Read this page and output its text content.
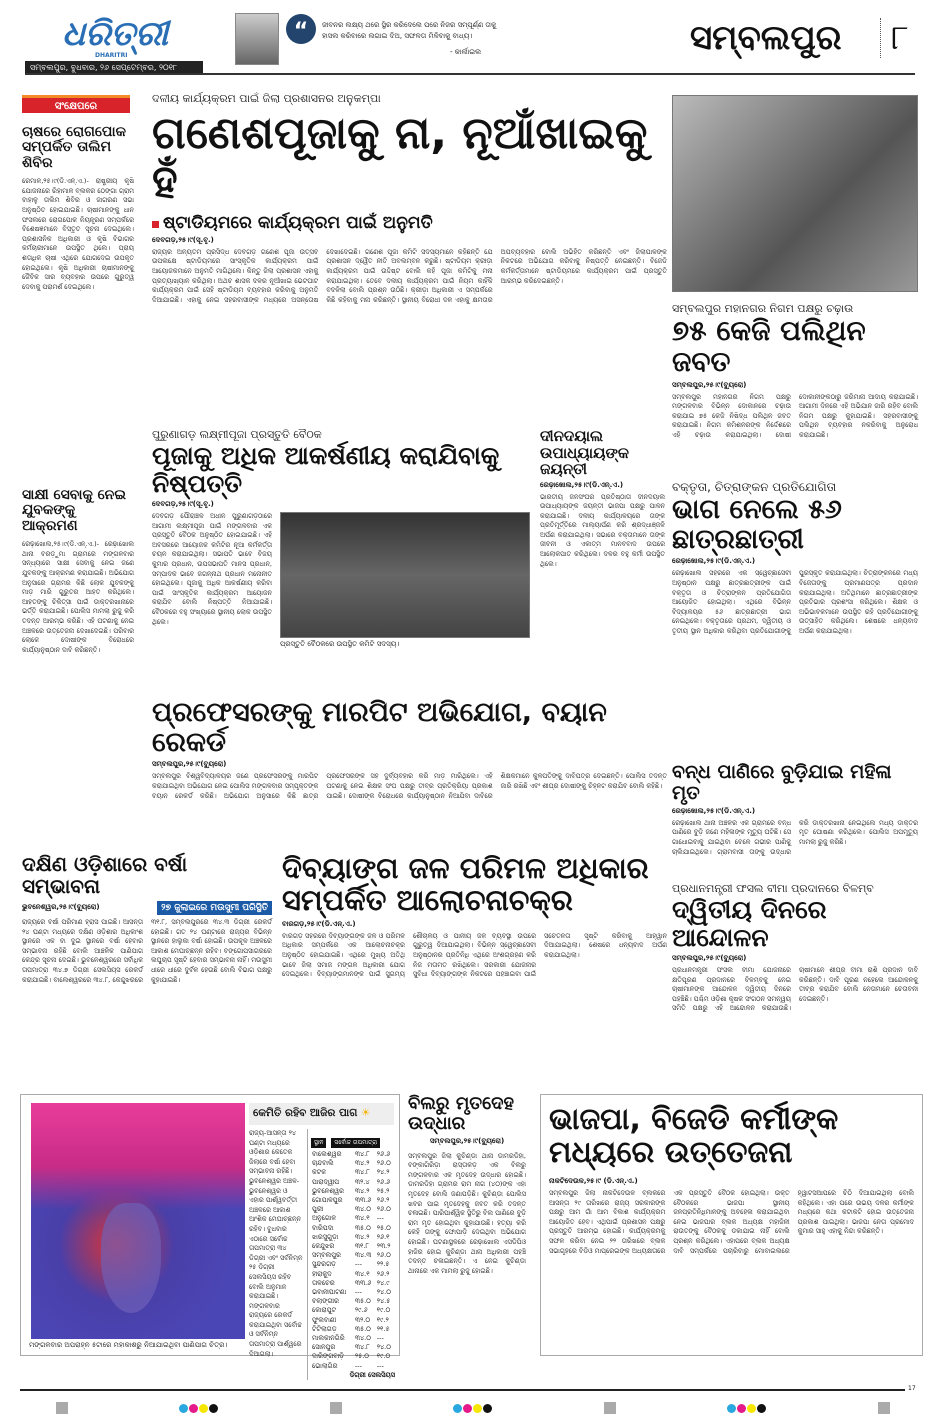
ଧରିତ୍ରୀ
DHARITRI
ସମ୍ବଲପୁର, ବୁଧବାର, ୨୬ ସେପ୍ଟେମ୍ବର, ୨୦୧୮
“	ଜୀବନର ଲକ୍ଷ୍ୟ ଥରେ ସ୍ଥିର କରିଦେଲେ ପରେ ନିଜର ସମ୍ପୂର୍ଣ୍ଣ ତାକୁ ହାସଲ କରିବାରେ ଲଗାଇ ଦିଅ, ସଫଳତା ମିଳିବାକୁ ବାଧ୍ୟ।
- କାର୍ଲାଇଲ	ସମ୍ବଲପୁର	୮
ସଂକ୍ଷେପରେ
ଚାଷରେ ରୋଗପୋକ ସମ୍ପର୍କିତ ତାଲିମ ଶିବିର
ରେମାଳ,୨୫।୯(ଡି.ଏନ୍.ଏ.)- ରାଷ୍ଟ୍ରୀୟ କୃଷି ଯୋଜନାରେ ରିହାମାଳ ବ୍ଲକର ଠେଙ୍ଗା ଗ୍ରାମ ବାହାଳୁ ତାଲିମ ଶିବିର ଓ ଜାଗରଣ ସଭା ଅନୁଷ୍ଠିତ ହୋଇଯାଇଛି। ଚାଷୀମାନଙ୍କୁ ଧାନ ଫସଲରେ ରୋଗପୋକ ନିୟନ୍ତ୍ରଣ ସମ୍ପର୍କରେ ବିଶେଷଜ୍ଞମାନେ ବିସ୍ତୃତ ସୂଚନା ଦେଇଥିଲେ। ପ୍ରଶାସନିକ ଅଧିକାରୀ ଓ କୃଷି ବିଭାଗର କର୍ମଚାରୀମାନେ ଉପସ୍ଥିତ ଥିଲେ। ପ୍ରାୟ ଶତାଧିକ ଚାଷୀ ଏଥିରେ ଯୋଗଦେଇ ଉପକୃତ ହୋଇଥିଲେ। କୃଷି ଅଧିକାରୀ ଚାଷୀମାନଙ୍କୁ ଜୈବିକ ସାର ବ୍ୟବହାର ଉପରେ ଗୁରୁତ୍ୱ ଦେବାକୁ ପରାମର୍ଶ ଦେଇଥିଲେ।
ସାକ୍ଷୀ ସେବାକୁ ନେଇ ଯୁବକଙ୍କୁ ଆକ୍ରମଣ
ରେଢ଼ାଖୋଲ,୨୫।୯(ଡି.ଏନ୍.ଏ.)- ରେଢ଼ାଖୋଲ ଥାନା ବରଡ଼ୁମା ଗ୍ରାମରେ ମଙ୍ଗଳବାର ସନ୍ଧ୍ୟାରେ ସାକ୍ଷୀ ସେବାକୁ ନେଇ ଜଣେ ଯୁବକଙ୍କୁ ଆକ୍ରମଣ କରାଯାଇଛି। ଅଭିଯୋଗ ଅନୁସାରେ ଗ୍ରାମର କିଛି ଲୋକ ଯୁବକଙ୍କୁ ମାଡ଼ ମାରି ଗୁରୁତର ଆହତ କରିଥିଲେ। ଆହତଙ୍କୁ ଚିକିତ୍ସା ପାଇଁ ଡାକ୍ତରଖାନାରେ ଭର୍ତ୍ତି କରାଯାଇଛି। ପୋଲିସ ମାମଲା ରୁଜୁ କରି ତଦନ୍ତ ଆରମ୍ଭ କରିଛି। ଏହି ଘଟଣାକୁ ନେଇ ଅଞ୍ଚଳରେ ଉତ୍ତେଜନା ଦେଖାଦେଇଛି। ପରିବାର ଲୋକେ ଦୋଷୀଙ୍କ ବିରୋଧରେ କାର୍ଯ୍ୟାନୁଷ୍ଠାନ ଦାବି କରିଛନ୍ତି।
ଦଳୀୟ କାର୍ଯ୍ୟକ୍ରମ ପାଇଁ ଜିଲା ପ୍ରଶାସନର ଅନୁକମ୍ପା
ଗଣେଶପୂଜାକୁ ନା, ନୂଆଁଖାଇକୁ ହଁ
ଷ୍ଟାଡିୟମରେ କାର୍ଯ୍ୟକ୍ରମ ପାଇଁ ଅନୁମତି
ଦେବଗଡ଼,୨୫।୯(ସୂ.ବୃ.)
ରାଜ୍ୟର ଅନ୍ୟତମ ପ୍ରସିଦ୍ଧ ଦେବଗଡ଼ ଗଣେଶ ପୂଜା ଉତ୍ସବ ଉପଲକ୍ଷେ ଷ୍ଟାଡିୟମରେ ସାଂସ୍କୃତିକ କାର୍ଯ୍ୟକ୍ରମ ପାଇଁ ଆୟୋଜକମାନେ ଅନୁମତି ମାଗିଥିଲେ। କିନ୍ତୁ ଜିଲା ପ୍ରଶାସନ ଏହାକୁ ପ୍ରତ୍ୟାଖ୍ୟାନ କରିଥିଲା। ଅଥଚ ଶାସକ ଦଳର ନୂଆଁଖାଇ ଭେଟଘାଟ କାର୍ଯ୍ୟକ୍ରମ ପାଇଁ ସେହି ଷ୍ଟାଡିୟମ ବ୍ୟବହାର କରିବାକୁ ଅନୁମତି ଦିଆଯାଇଛି। ଏହାକୁ ନେଇ ସହରବାସୀଙ୍କ ମଧ୍ୟରେ ଅସନ୍ତୋଷ ଦେଖାଦେଇଛି। ଗଣେଶ ପୂଜା କମିଟି ସଦସ୍ୟମାନେ କହିଛନ୍ତି ଯେ ପ୍ରଶାସନ ଦ୍ୱୈତ ନୀତି ଅବଲମ୍ବନ କରୁଛି। ଷ୍ଟାଡିୟମ କ୍ରୀଡ଼ା କାର୍ଯ୍ୟକ୍ରମ ପାଇଁ ଉଦ୍ଦିଷ୍ଟ ବୋଲି କହି ପୂଜା କମିଟିକୁ ମନା କରାଯାଇଥିଲା। ତେବେ ଦଳୀୟ କାର୍ଯ୍ୟକ୍ରମ ପାଇଁ ନିୟମ କାହିଁକି ବଦଳିଲା ବୋଲି ପ୍ରଶ୍ନ ଉଠିଛି। କ୍ରୀଡ଼ା ଅଧିକାରୀ ଏ ସମ୍ପର୍କରେ କିଛି କହିବାକୁ ମନା କରିଛନ୍ତି। ସ୍ଥାନୀୟ ବିରୋଧୀ ଦଳ ଏହାକୁ କ୍ଷମତାର ଅପବ୍ୟବହାର ବୋଲି ଅଭିହିତ କରିଛନ୍ତି ଏବଂ ଜିଲାପାଳଙ୍କ ନିକଟରେ ଅଭିଯୋଗ କରିବାକୁ ନିଷ୍ପତ୍ତି ନେଇଛନ୍ତି। ବିଜେଡି କର୍ମକର୍ତ୍ତାମାନେ ଷ୍ଟାଡିୟମରେ କାର୍ଯ୍ୟକ୍ରମ ପାଇଁ ପ୍ରସ୍ତୁତି ଆରମ୍ଭ କରିଦେଇଛନ୍ତି।
ସମ୍ବଲପୁର ମହାନଗର ନିଗମ ପକ୍ଷରୁ ଚଢ଼ାଉ
୭୫ କେଜି ପଲିଥିନ ଜବତ
ସମ୍ବଲପୁର,୨୫।୯(ବ୍ୟୁରୋ)
ସମ୍ବଲପୁର ମହାନଗର ନିଗମ ପକ୍ଷରୁ ମଙ୍ଗଳବାର ବିଭିନ୍ନ ଦୋକାନରେ ଚଢ଼ାଉ କରାଯାଇ ୭୫ କେଜି ନିଷିଦ୍ଧ ପଲିଥିନ ଜବତ କରାଯାଇଛି। ନିଗମ କମିଶନରଙ୍କ ନିର୍ଦ୍ଦେଶରେ ଏହି ଚଢ଼ାଉ କରାଯାଇଥିଲା। ଦୋଷୀ ଦୋକାନୀଙ୍କଠାରୁ ଜରିମାନା ଆଦାୟ କରାଯାଇଛି। ଆଗାମୀ ଦିନରେ ଏହି ଅଭିଯାନ ଜାରି ରହିବ ବୋଲି ନିଗମ ପକ୍ଷରୁ କୁହାଯାଇଛି। ସହରବାସୀଙ୍କୁ ପଲିଥିନ ବ୍ୟବହାର ନକରିବାକୁ ଅନୁରୋଧ କରାଯାଇଛି।
ପୁରୁଣାଗଡ଼ ଲକ୍ଷ୍ମୀପୂଜା ପ୍ରସ୍ତୁତି ବୈଠକ
ପୂଜାକୁ ଅଧିକ ଆକର୍ଷଣୀୟ କରାଯିବାକୁ ନିଷ୍ପତ୍ତି
ଦେବଗଡ଼,୨୫।୯(ସୂ.ବୃ.)
ଦେବଗଡ଼ ପୌରାଞ୍ଚଳ ଅଧୀନ ପୁରୁଣାଗଡ଼ଠାରେ ଆଗାମୀ ଲକ୍ଷ୍ମୀପୂଜା ପାଇଁ ମଙ୍ଗଳବାର ଏକ ପ୍ରସ୍ତୁତି ବୈଠକ ଅନୁଷ୍ଠିତ ହୋଇଯାଇଛି। ଏହି ଅବସରରେ ଆୟୋଜକ କମିଟିର ନୂଆ କର୍ମକର୍ତ୍ତା ଚୟନ କରାଯାଇଥିଲା। ସଭାପତି ଭାବେ ବିଜୟ କୁମାର ପ୍ରଧାନ, ଉପସଭାପତି ମାନସ ପ୍ରଧାନ, ସମ୍ପାଦକ ଭାବେ ଜଗନ୍ନାଥ ପ୍ରଧାନ ମନୋନୀତ ହୋଇଥିଲେ। ପୂଜାକୁ ଅଧିକ ଆକର୍ଷଣୀୟ କରିବା ପାଇଁ ସାଂସ୍କୃତିକ କାର୍ଯ୍ୟକ୍ରମ ଆୟୋଜନ କରାଯିବ ବୋଲି ନିଷ୍ପତ୍ତି ନିଆଯାଇଛି। ବୈଠକରେ ବହୁ ସଂଖ୍ୟାରେ ସ୍ଥାନୀୟ ଲୋକ ଉପସ୍ଥିତ ଥିଲେ।
ପ୍ରସ୍ତୁତି ବୈଠକରେ ଉପସ୍ଥିତ କମିଟି ସଦସ୍ୟ।
ଦୀନଦୟାଲ ଉପାଧ୍ୟାୟଙ୍କ ଜୟନ୍ତୀ
ରେଢ଼ାଖୋଲ,୨୫।୯(ଡି.ଏନ୍.ଏ.)
ଭାରତୀୟ ଜନସଂଘର ପ୍ରତିଷ୍ଠାତା ଦୀନଦୟାଲ ଉପାଧ୍ୟାୟଙ୍କ ଜୟନ୍ତୀ ଭାଜପା ପକ୍ଷରୁ ପାଳନ କରାଯାଇଛି। ଦଳୀୟ କାର୍ଯ୍ୟାଳୟରେ ତାଙ୍କ ପ୍ରତିମୂର୍ତ୍ତିରେ ମାଲ୍ୟାର୍ପଣ କରି ଶ୍ରଦ୍ଧାଞ୍ଜଳି ଅର୍ପଣ କରାଯାଇଥିଲା। ସଭାରେ ବକ୍ତାମାନେ ତାଙ୍କ ଜୀବନୀ ଓ ଏକାତ୍ମ ମାନବବାଦ ଉପରେ ଆଲୋକପାତ କରିଥିଲେ। ଦଳର ବହୁ କର୍ମୀ ଉପସ୍ଥିତ ଥିଲେ।
ବକ୍ତୃତା, ଚିତ୍ରାଙ୍କନ ପ୍ରତିଯୋଗିତା
ଭାଗ ନେଲେ ୫୬ ଛାତ୍ରଛାତ୍ରୀ
ରେଢ଼ାଖୋଲ,୨୫।୯(ଡି.ଏନ୍.ଏ.)
ରେଢ଼ାଖୋଲ ସହରରେ ଏକ ସ୍ୱେଚ୍ଛାସେବୀ ଅନୁଷ୍ଠାନ ପକ୍ଷରୁ ଛାତ୍ରଛାତ୍ରୀଙ୍କ ପାଇଁ ବକ୍ତୃତା ଓ ଚିତ୍ରାଙ୍କନ ପ୍ରତିଯୋଗିତା ଆୟୋଜିତ ହୋଇଥିଲା। ଏଥିରେ ବିଭିନ୍ନ ବିଦ୍ୟାଳୟର ୫୬ ଛାତ୍ରଛାତ୍ରୀ ଭାଗ ନେଇଥିଲେ। ବକ୍ତୃତାରେ ପ୍ରଥମ, ଦ୍ୱିତୀୟ ଓ ତୃତୀୟ ସ୍ଥାନ ଅଧିକାର କରିଥିବା ପ୍ରତିଯୋଗୀଙ୍କୁ ପୁରସ୍କୃତ କରାଯାଇଥିଲା। ଚିତ୍ରାଙ୍କନରେ ମଧ୍ୟ ବିଜେତାଙ୍କୁ ପ୍ରମାଣପତ୍ର ପ୍ରଦାନ କରାଯାଇଥିଲା। ଅତିଥିମାନେ ଛାତ୍ରଛାତ୍ରୀଙ୍କ ପ୍ରତିଭାର ପ୍ରଶଂସା କରିଥିଲେ। ଶିକ୍ଷକ ଓ ଅଭିଭାବକମାନେ ଉପସ୍ଥିତ ରହି ପ୍ରତିଯୋଗୀଙ୍କୁ ଉତ୍ସାହିତ କରିଥିଲେ। ଶେଷରେ ଧନ୍ୟବାଦ ଅର୍ପଣ କରାଯାଇଥିଲା।
ପ୍ରଫେସରଙ୍କୁ ମାରପିଟ ଅଭିଯୋଗ, ବୟାନ ରେକର୍ଡ
ସମ୍ବଲପୁର,୨୫।୯(ବ୍ୟୁରୋ)
ସମ୍ବଲପୁର ବିଶ୍ୱବିଦ୍ୟାଳୟର ଜଣେ ପ୍ରଫେସରଙ୍କୁ ମାରପିଟ କରାଯାଇଥିବା ଅଭିଯୋଗ ନେଇ ପୋଲିସ ମଙ୍ଗଳବାର ସମ୍ପୃକ୍ତଙ୍କ ବୟାନ ରେକର୍ଡ କରିଛି। ଅଭିଯୋଗ ଅନୁସାରେ କିଛି ଛାତ୍ର ପ୍ରଫେସରଙ୍କ ସହ ଦୁର୍ବ୍ୟବହାର କରି ମାଡ଼ ମାରିଥିଲେ। ଏହି ଘଟଣାକୁ ନେଇ ଶିକ୍ଷକ ସଂଘ ପକ୍ଷରୁ ତୀବ୍ର ପ୍ରତିକ୍ରିୟା ପ୍ରକାଶ ପାଇଛି। ଦୋଷୀଙ୍କ ବିରୋଧରେ କାର୍ଯ୍ୟାନୁଷ୍ଠାନ ନିଆଯିବା ଦାବିରେ ଶିକ୍ଷକମାନେ କୁଳପତିଙ୍କୁ ଦାବିପତ୍ର ଦେଇଛନ୍ତି। ପୋଲିସ ତଦନ୍ତ ଜାରି ରଖିଛି ଏବଂ ଶୀଘ୍ର ଦୋଷୀଙ୍କୁ ଚିହ୍ନଟ କରାଯିବ ବୋଲି କହିଛି।
ବନ୍ଧ ପାଣିରେ ବୁଡ଼ିଯାଇ ମହିଳା ମୃତ
ରେଢ଼ାଖୋଲ,୨୫।୯(ଡି.ଏନ୍.ଏ.)
ରେଢ଼ାଖୋଲ ଥାନା ଅଞ୍ଚଳର ଏକ ଗ୍ରାମରେ ବନ୍ଧ ପାଣିରେ ବୁଡ଼ି ଜଣେ ମହିଳାଙ୍କ ମୃତ୍ୟୁ ଘଟିଛି। ସେ ଗାଧୋଇବାକୁ ଯାଇଥିବା ବେଳେ ଗଭୀର ପାଣିକୁ ଚାଲିଯାଇଥିଲେ। ଗ୍ରାମବାସୀ ତାଙ୍କୁ ଉଦ୍ଧାର କରି ଡାକ୍ତରଖାନା ନେଇଥିଲେ ମଧ୍ୟ ଡାକ୍ତର ମୃତ ଘୋଷଣା କରିଥିଲେ। ପୋଲିସ ଅପମୃତ୍ୟୁ ମାମଲା ରୁଜୁ କରିଛି।
ଦକ୍ଷିଣ ଓଡ଼ିଶାରେ ବର୍ଷା ସମ୍ଭାବନା
ଭୁବନେଶ୍ୱର,୨୫।୯(ବ୍ୟୁରୋ)	୨୭ ଜୁଲାଇରେ ମଉସୁମୀ ପରିସ୍ଥିତି
ରାଜ୍ୟରେ ବର୍ଷା ପରିମାଣ ହ୍ରାସ ପାଇଛି। ଆସନ୍ତା ୨୪ ଘଣ୍ଟା ମଧ୍ୟରେ ଦକ୍ଷିଣ ଓଡ଼ିଶାର ଅଧିକାଂଶ ସ୍ଥାନରେ ଏକ ବା ଦୁଇ ସ୍ଥାନରେ ବର୍ଷା ହେବାର ସମ୍ଭାବନା ରହିଛି ବୋଲି ଆଞ୍ଚଳିକ ପାଣିପାଗ କେନ୍ଦ୍ର ସୂଚନା ଦେଇଛି। ଭୁବନେଶ୍ୱରରେ ସର୍ବାଧିକ ତାପମାତ୍ରା ୩୪.୭ ଡିଗ୍ରୀ ସେଲସିୟସ ରେକର୍ଡ କରାଯାଇଛି। ବାଲେଶ୍ୱରରେ ୩୪.୮, କେନ୍ଦୁଝରରେ ୩୧.୮, ସମ୍ବଲପୁରରେ ୩୪.୩ ଡିଗ୍ରୀ ରେକର୍ଡ ହୋଇଛି। ଗତ ୨୪ ଘଣ୍ଟାରେ ରାଜ୍ୟର ବିଭିନ୍ନ ସ୍ଥାନରେ ହାଲୁକା ବର୍ଷା ହୋଇଛି। ଉପକୂଳ ଅଞ୍ଚଳରେ ଆକାଶ ମେଘାଚ୍ଛନ୍ନ ରହିବ। ବଙ୍ଗୋପସାଗରରେ ଲଘୁଚାପ ସୃଷ୍ଟି ହେବାର ସମ୍ଭାବନା ନାହିଁ। ମଉସୁମୀ ଧୀରେ ଧୀରେ ଦୁର୍ବଳ ହେଉଛି ବୋଲି ବିଭାଗ ପକ୍ଷରୁ କୁହାଯାଇଛି।
ଦିବ୍ୟାଙ୍ଗ ଜଳ ପରିମଳ ଅଧିକାର ସମ୍ପର୍କିତ ଆଲୋଚନାଚକ୍ର
ବାରଗଡ଼,୨୫।୯(ଡି.ଏନ୍.ଏ.)
ବାରଗଡ଼ ସହରରେ ଦିବ୍ୟାଙ୍ଗଙ୍କ ଜଳ ଓ ପରିମଳ ଅଧିକାର ସମ୍ପର୍କରେ ଏକ ଆଲୋଚନାଚକ୍ର ଅନୁଷ୍ଠିତ ହୋଇଯାଇଛି। ଏଥିରେ ମୁଖ୍ୟ ଅତିଥି ଭାବେ ଜିଲା ସମାଜ ମଙ୍ଗଳ ଅଧିକାରୀ ଯୋଗ ଦେଇଥିଲେ। ଦିବ୍ୟାଙ୍ଗମାନଙ୍କ ପାଇଁ ସୁଗମ୍ୟ ଶୌଚାଳୟ ଓ ପାନୀୟ ଜଳ ବ୍ୟବସ୍ଥା ଉପରେ ଗୁରୁତ୍ୱ ଦିଆଯାଇଥିଲା। ବିଭିନ୍ନ ସ୍ୱେଚ୍ଛାସେବୀ ଅନୁଷ୍ଠାନର ପ୍ରତିନିଧି ଏଥିରେ ଅଂଶଗ୍ରହଣ କରି ନିଜ ମତାମତ ରଖିଥିଲେ। ସରକାରୀ ଯୋଜନାର ସୁବିଧା ଦିବ୍ୟାଙ୍ଗଙ୍କ ନିକଟରେ ପହଞ୍ଚାଇବା ପାଇଁ ସଚେତନତା ସୃଷ୍ଟି କରିବାକୁ ଆହ୍ୱାନ ଦିଆଯାଇଥିଲା। ଶେଷରେ ଧନ୍ୟବାଦ ଅର୍ପଣ କରାଯାଇଥିଲା।
ପ୍ରଧାନମନ୍ତ୍ରୀ ଫସଲ ବୀମା ପ୍ରଦାନରେ ବିଳମ୍ବ
ଦ୍ୱିତୀୟ ଦିନରେ ଆନ୍ଦୋଳନ
ସମ୍ବଲପୁର,୨୫।୯(ବ୍ୟୁରୋ)
ପ୍ରଧାନମନ୍ତ୍ରୀ ଫସଲ ବୀମା ଯୋଜନାରେ କ୍ଷତିପୂରଣ ପ୍ରଦାନରେ ବିଳମ୍ବକୁ ନେଇ ଚାଷୀମାନଙ୍କ ଆନ୍ଦୋଳନ ଦ୍ୱିତୀୟ ଦିନରେ ପହଞ୍ଚିଛି। ପଶ୍ଚିମ ଓଡ଼ିଶା କୃଷକ ସଂଗଠନ ସମନ୍ୱୟ ସମିତି ପକ୍ଷରୁ ଏହି ଆନ୍ଦୋଳନ କରାଯାଉଛି। ଚାଷୀମାନେ ଶୀଘ୍ର ବୀମା ରାଶି ପ୍ରଦାନ ଦାବି କରିଛନ୍ତି। ଦାବି ପୂରଣ ନହେଲେ ଆନ୍ଦୋଳନକୁ ତୀବ୍ର କରାଯିବ ବୋଲି ନେତାମାନେ ଚେତାବନୀ ଦେଇଛନ୍ତି।
ମଙ୍ଗଳବାର ଅପରାହ୍ନ ୫ଟାରେ ମହାକାଶରୁ ନିଆଯାଇଥିବା ପାଣିପାଗ ଚିତ୍ର।
କେମିତି ରହିବ ଆଜିର ପାଗ ☀
ରାଜ୍ୟ-ଆସନ୍ତା ୨୪ ଘଣ୍ଟା ମଧ୍ୟରେ ଓଡ଼ିଶାର କେତେକ ଜିଲାରେ ବର୍ଷା ହେବା ସମ୍ଭାବନା ରହିଛି। ଭୁବନେଶ୍ୱର ଅଞ୍ଚଳ- ଭୁବନେଶ୍ୱର ଓ ଏହାର ପାର୍ଶ୍ୱବର୍ତ୍ତୀ ଅଞ୍ଚଳରେ ଆକାଶ ଆଂଶିକ ମେଘାଚ୍ଛନ୍ନ ରହିବ। ବୁଧବାର ଏଠାରେ ସର୍ବୋଚ୍ଚ ତାପମାତ୍ରା ୩୪ ଡିଗ୍ରୀ ଏବଂ ସର୍ବନିମ୍ନ ୨୫ ଡିଗ୍ରୀ ସେଲସିୟସ ରହିବ ବୋଲି ଅନୁମାନ କରାଯାଇଛି। ମଙ୍ଗଳବାର ରାଜ୍ୟରେ ରେକର୍ଡ କରାଯାଇଥିବା ସର୍ବୋଚ୍ଚ ଓ ସର୍ବନିମ୍ନ ତାପମାତ୍ରା ପାର୍ଶ୍ୱରେ ଦିଆଗଲା।
ସ୍ଥାନ ସର୍ବୋଚ୍ଚ ତାପମାତ୍ରା
ବାଲେଶ୍ୱର	୩୪.୮	୨୬.୬
ଚାନ୍ଦବାଲି	୩୪.୨	୨୬.୦
କଟକ	୩୪.୮	୨୪.୨
ପାରାଦ୍ୱୀପ	୩୨.୪	୨୬.୬
ଭୁବନେଶ୍ୱର	୩୪.୨	୨୫.୨
ଗୋପାଳପୁର	୩୩.୬	୨୬.୨
ପୁରୀ	୩୪.୦	୨୬.୦
ଅନୁଗୋଳ	୩୪.୧	---
ବାରିପଦା	୩୫.୦	୨୫.୦
ଝାରସୁଗୁଡ଼ା	୩୪.୨	୨୬.୧
କେନ୍ଦୁଝର	୩୧.୮	୨୩.୨
ସମ୍ବଲପୁର	୩୪.୩	୨୬.୦
ସୁନ୍ଦରଗଡ଼	---	୨୨.୫
ହୀରାକୁଦ	୩୪.୧	୨୬.୨
ତାଳଚେର	୩୩.୬	୨୪.୯
ଭବାନୀପାଟଣା	---	୨୪.୦
ବଲାଙ୍ଗୀର	୩୫.୦	୨୪.୫
କୋରାପୁଟ	୨୯.୬	୧୯.୦
ଫୁଲବାଣୀ	୩୨.୦	୧୯.୨
ଟିଟିଲାଗଡ଼	୩୫.୦	୨୧.୫
ମାଲକାନଗିରି	୩୪.୦	---
ସୋନପୁର	୩୪.୮	୨୪.୦
ଦାରିଙ୍ଗବାଡ଼ି	୨୫.୦	୧୯.୦
ଭୋଲାଗିର	---	---
ଡିଗ୍ରୀ ସେଲସିୟସ
ବିଲରୁ ମୃତଦେହ ଉଦ୍ଧାର
ସମ୍ବଲପୁର,୨୫।୯(ବ୍ୟୁରୋ)
ସମ୍ବଲପୁର ଜିଲା କୁଚିଣ୍ଡା ଥାନା ଡାମରଡିହା, ବଙ୍କାଗିରିଡ଼ା ରାସ୍ତାକଡ଼ ଏକ ବିଲରୁ ମଙ୍ଗଳବାର ଏକ ମୃତଦେହ ଉଦ୍ଧାର ହୋଇଛି। ଡାମରଡିହା ଗ୍ରାମର ରାମ ନାଗ (୪୦)ଙ୍କ ଏହା ମୃତଦେହ ବୋଲି ଜଣାପଡ଼ିଛି। କୁଚିଣ୍ଡା ପୋଲିସ ଖବର ପାଇ ମୃତଦେହକୁ ଜବତ କରି ତଦନ୍ତ ଚଳାଇଛି। ପାରିପାର୍ଶ୍ୱିକ ସ୍ଥିତିରୁ ବିଲ ପାଣିରେ ବୁଡ଼ି ରାମ ମୃତ ହୋଇଥିବା କୁହାଯାଉଛି। ହତ୍ୟା କରି କେହି ତାଙ୍କୁ ଫୋପାଡ଼ି ଦେଇଥିବା ଅଭିଯୋଗ ହୋଇଛି। ଘଟଣାସ୍ଥଳରେ ରେଢ଼ାଖୋଲ ଏସଡିପିଓ ହାଜିର ହୋଇ କୁଚିଣ୍ଡା ଥାନା ଅଧିକାରୀ ପହଞ୍ଚି ତଦନ୍ତ ଚଳାଇଛନ୍ତି। ଏ ନେଇ କୁଚିଣ୍ଡା ଥାନାରେ ଏକ ମାମଲା ରୁଜୁ ହୋଇଛି।
ଭାଜପା, ବିଜେଡି କର୍ମୀଙ୍କ ମଧ୍ୟରେ ଉତ୍ତେଜନା
ନାକଟିଦେଉଳ,୨୫।୯ (ଡି.ଏନ୍.ଏ.)
ସମ୍ବଲପୁର ଜିଲା ନାକଟିଦେଉଳ ବ୍ଲକରେ ଆସନ୍ତା ୨୯ ତାରିଖରେ ରାଜ୍ୟ ସରକାରଙ୍କ ପକ୍ଷରୁ ଆମ ଗାଁ ଆମ ବିକାଶ କାର୍ଯ୍ୟକ୍ରମ ଆୟୋଜିତ ହେବ। ଏଥିପାଇଁ ପ୍ରଶାସନ ପକ୍ଷରୁ ପ୍ରସ୍ତୁତି ଆରମ୍ଭ ହୋଇଛି। କାର୍ଯ୍ୟକ୍ରମକୁ ସଫଳ କରିବା ନେଇ ୨୨ ତାରିଖରେ ବ୍ଲକ ସଭାଗୃହରେ ବିଡିଓ ମାପ୍ରେଇଙ୍କ ଅଧ୍ୟକ୍ଷତାରେ ଏକ ପ୍ରସ୍ତୁତି ବୈଠକ ହୋଇଥିଲା। ଉକ୍ତ ବୈଠକରେ ଭାଜପା ସ୍ଥାନୀୟ ଜନପ୍ରତିନିଧିମାନଙ୍କୁ ଅବହେଳା କରାଯାଇଥିବା ନେଇ ଭାଜପାର ବ୍ଲକ ଅଧ୍ୟକ୍ଷ ମହାଜିନୀ ରାଉତଙ୍କୁ ବୈଠକକୁ ଡକାଯାଇ ନାହିଁ ବୋଲି ପ୍ରଶ୍ନ କରିଥିଲେ। ଏହାପରେ ବ୍ଲକ ଅଧ୍ୟକ୍ଷ ଦାବି ସମ୍ପର୍କରେ ପଚାରିବାରୁ ମୋବାଇଲରେ ହ୍ୱାଟସଆପରେ ଚିଠି ଦିଆଯାଇଥିଲା ବୋଲି କହିଥିଲେ। ଏହା ପରେ ଉଭୟ ଦଳର କର୍ମୀଙ୍କ ମଧ୍ୟରେ କଥା କଟାକଟି ହୋଇ ଉତ୍ତେଜନା ପ୍ରକାଶ ପାଇଥିଲା। ଭାଜପା ନେତା ପ୍ରମୋଦ କୁମାର ସାହୁ ଏହାକୁ ନିନ୍ଦା କରିଛନ୍ତି।
17
